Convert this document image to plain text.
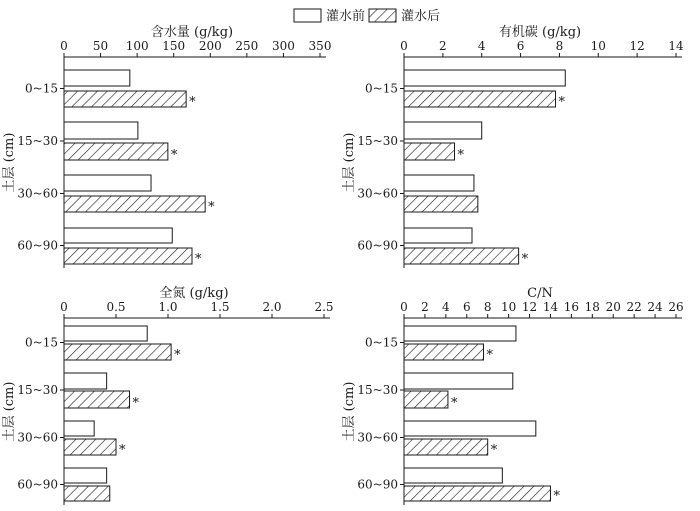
灌水前	灌水后
含水量 (g/kg)
0 50 100 150 200 250 300 350
0~15
15~30
30~60
60~90
土层 (cm)
*
*
*
*
有机碳 (g/kg)
0	2	4	6	8 10 12 14
0~15
15~30
30~60
60~90
土层 (cm)
*
*
*
全氮 (g/kg)
0	0.5	1.0	1.5	2.0	2.5
0~15
15~30
30~60
60~90
土层 (cm)
*
*
*
C/N
0 2 4 6 8 10 12 14 16 18 20 22 24 26
0~15
15~30
30~60
60~90
土层 (cm)
*
*
*
*
